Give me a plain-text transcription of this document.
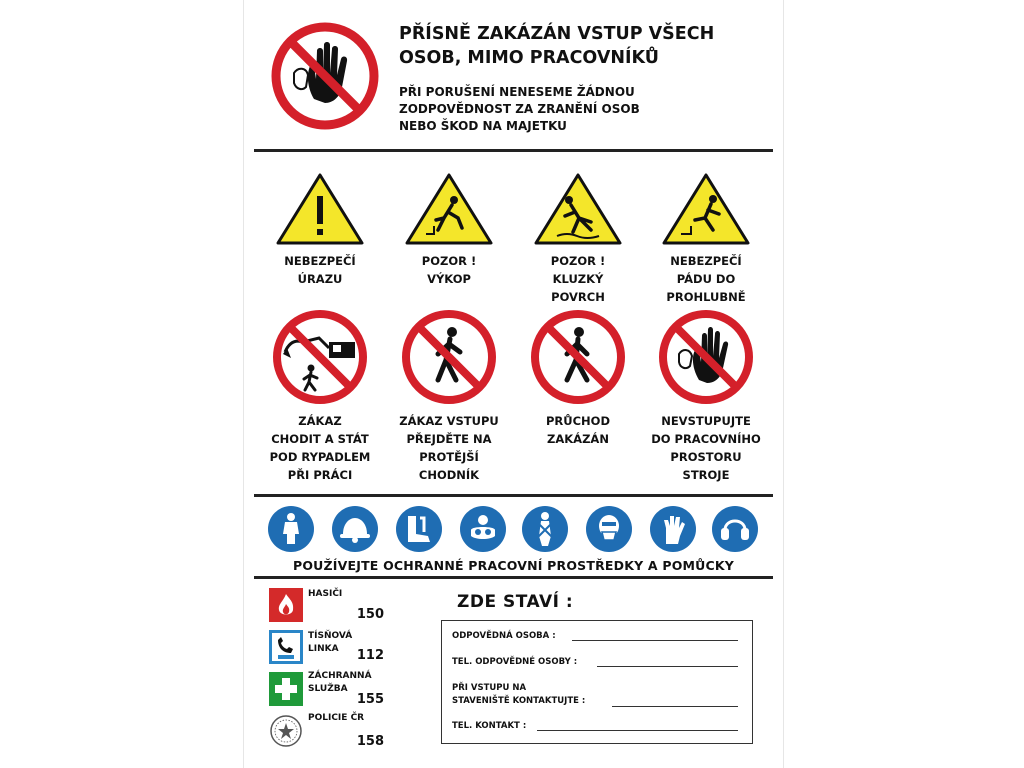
PŘÍSNĚ ZAKÁZÁN VSTUP VŠECH
OSOB, MIMO PRACOVNÍKŮ
PŘI PORUŠENÍ NENESEME ŽÁDNOU
ZODPOVĚDNOST ZA ZRANĚNÍ OSOB
NEBO ŠKOD NA MAJETKU
NEBEZPEČÍ
ÚRAZU
POZOR !
VÝKOP
POZOR !
KLUZKÝ
POVRCH
NEBEZPEČÍ
PÁDU DO
PROHLUBNĚ
ZÁKAZ
CHODIT A STÁT
POD RYPADLEM
PŘI PRÁCI
ZÁKAZ VSTUPU
PŘEJDĚTE NA
PROTĚJŠÍ
CHODNÍK
PRŮCHOD
ZAKÁZÁN
NEVSTUPUJTE
DO PRACOVNÍHO
PROSTORU
STROJE
POUŽÍVEJTE OCHRANNÉ PRACOVNÍ PROSTŘEDKY A POMŮCKY
HASIČI
150
TÍSŇOVÁ
LINKA	112
ZÁCHRANNÁ
SLUŽBA
155
POLICIE ČR
158
ZDE STAVÍ :
ODPOVĚDNÁ OSOBA :
TEL. ODPOVĚDNÉ OSOBY :
PŘI VSTUPU NA
STAVENIŠTĚ KONTAKTUJTE :
TEL. KONTAKT :
